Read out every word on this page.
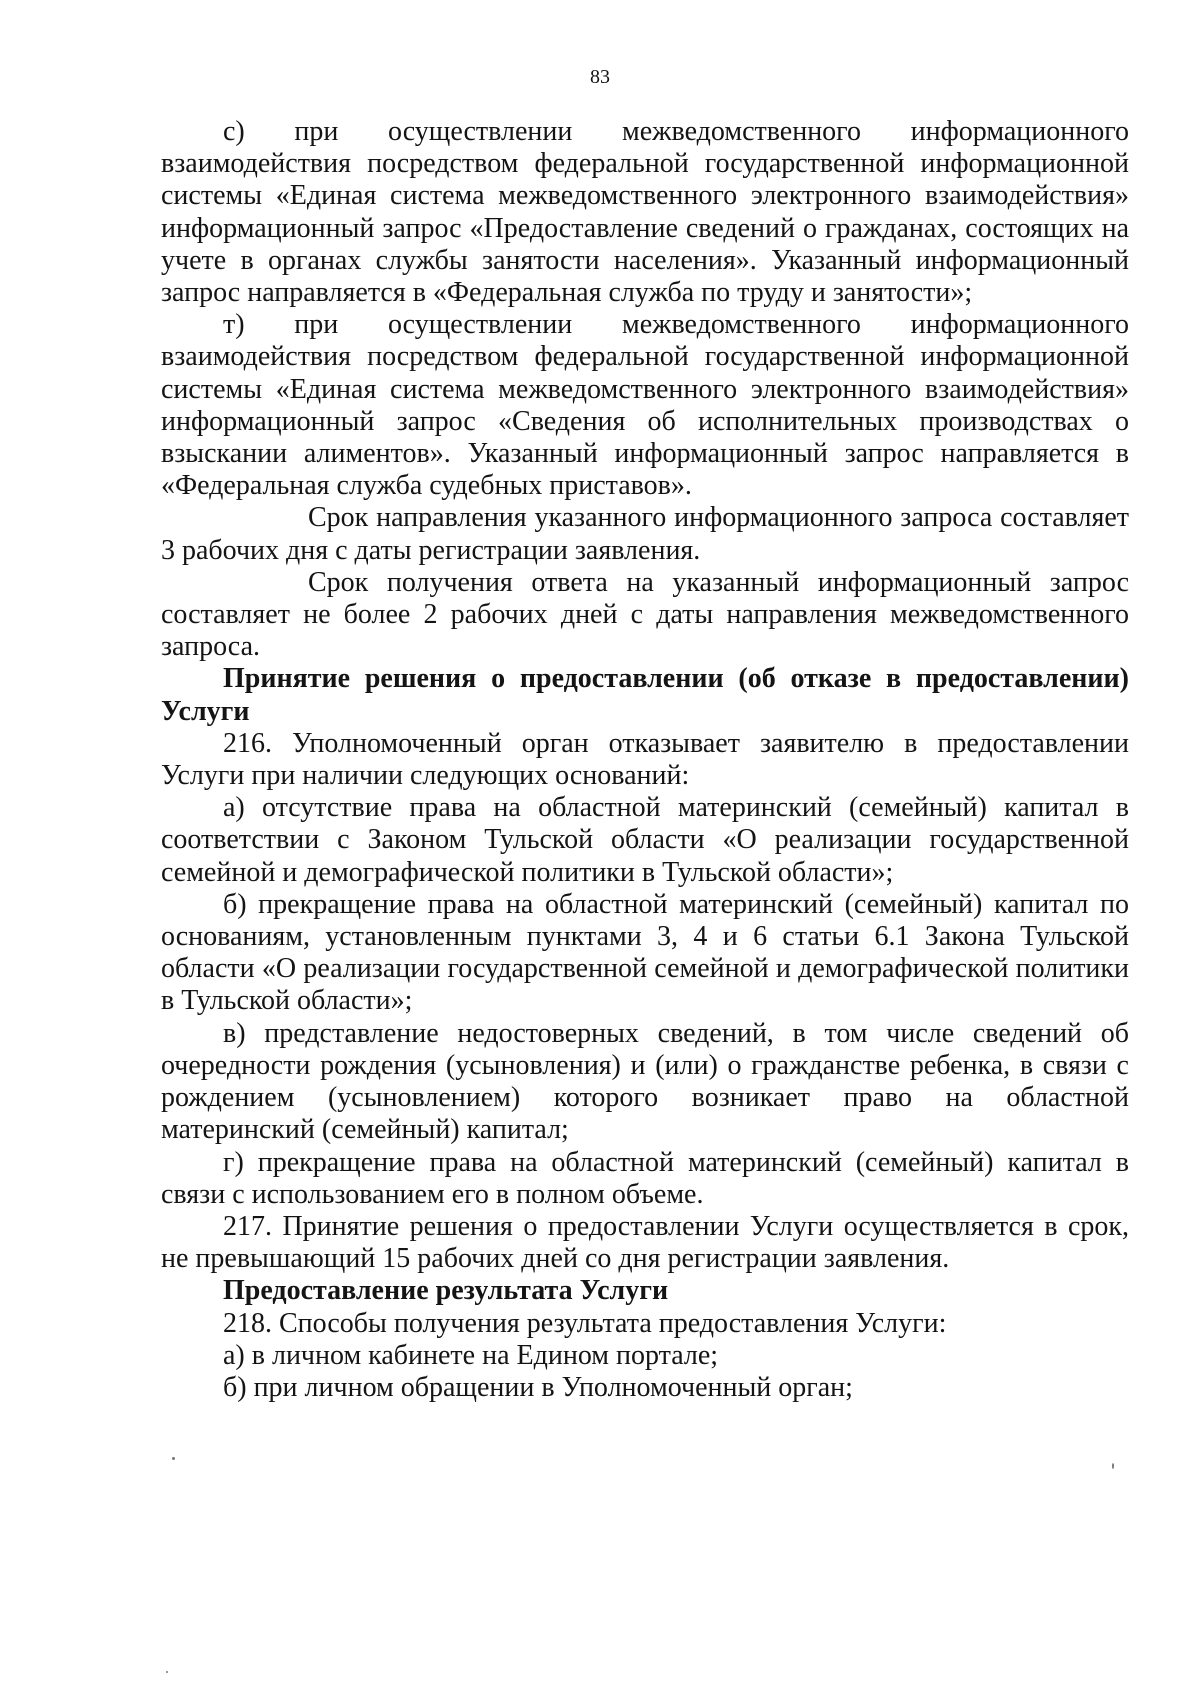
83

с) при осуществлении межведомственного информационного взаимодействия посредством федеральной государственной информационной системы «Единая система межведомственного электронного взаимодействия» информационный запрос «Предоставление сведений о гражданах, состоящих на учете в органах службы занятости населения». Указанный информационный запрос направляется в «Федеральная служба по труду и занятости»;

т) при осуществлении межведомственного информационного взаимодействия посредством федеральной государственной информационной системы «Единая система межведомственного электронного взаимодействия» информационный запрос «Сведения об исполнительных производствах о взыскании алиментов». Указанный информационный запрос направляется в «Федеральная служба судебных приставов».

Срок направления указанного информационного запроса составляет 3 рабочих дня с даты регистрации заявления.

Срок получения ответа на указанный информационный запрос составляет не более 2 рабочих дней с даты направления межведомственного запроса.

Принятие решения о предоставлении (об отказе в предоставлении) Услуги

216. Уполномоченный орган отказывает заявителю в предоставлении Услуги при наличии следующих оснований:

а) отсутствие права на областной материнский (семейный) капитал в соответствии с Законом Тульской области «О реализации государственной семейной и демографической политики в Тульской области»;

б) прекращение права на областной материнский (семейный) капитал по основаниям, установленным пунктами 3, 4 и 6 статьи 6.1 Закона Тульской области «О реализации государственной семейной и демографической политики в Тульской области»;

в) представление недостоверных сведений, в том числе сведений об очередности рождения (усыновления) и (или) о гражданстве ребенка, в связи с рождением (усыновлением) которого возникает право на областной материнский (семейный) капитал;

г) прекращение права на областной материнский (семейный) капитал в связи с использованием его в полном объеме.

217. Принятие решения о предоставлении Услуги осуществляется в срок, не превышающий 15 рабочих дней со дня регистрации заявления.

Предоставление результата Услуги

218. Способы получения результата предоставления Услуги:

а) в личном кабинете на Едином портале;

б) при личном обращении в Уполномоченный орган;
